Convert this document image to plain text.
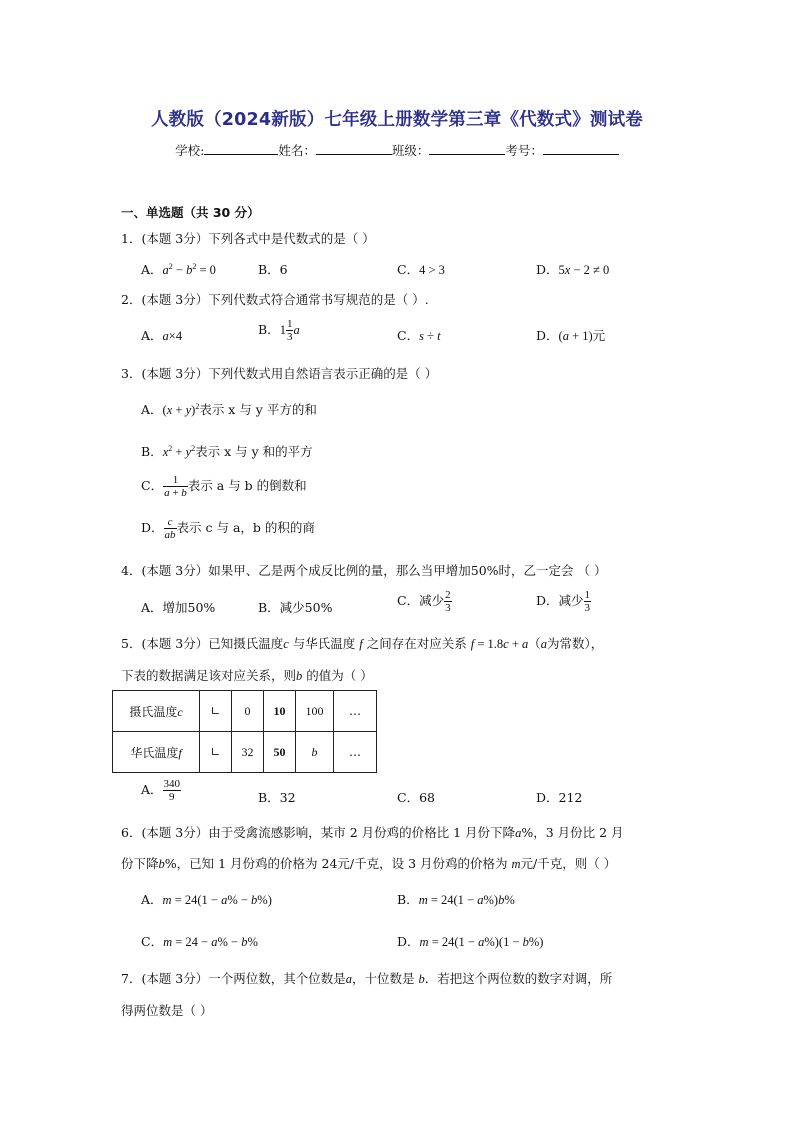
人教版（2024新版）七年级上册数学第三章《代数式》测试卷
学校:	姓名：	班级：	考号：
一、单选题（共 30 分）
1．(本题 3分）下列各式中是代数式的是（ ）
A．$a^2 - b^2 = 0$	B．6	C．4 > 3	D．5x − 2 ≠ 0
2．(本题 3分）下列代数式符合通常书写规范的是（ ）.
A．a×4	B．$1 \frac{1}{3}$ a	C．s ÷ t	D．(a + 1)元
3．(本题 3分）下列代数式用自然语言表示正确的是（ ）
A．$(x + y)^2$表示 x 与 y 平方的和
B．$x^2 + y^2$表示 x 与 y 和的平方
C． $\frac{1}{a + b}$ 表示 a 与 b 的倒数和
D． $\frac{c}{ab}$ 表示 c 与 a，b 的积的商
4．(本题 3分）如果甲、乙是两个成反比例的量，那么当甲增加50%时，乙一定会 （ ）
A．增加50%	B．减少50%	C．减少 $\frac{2}{3}$	D．减少 $\frac{1}{3}$
5．(本题 3分）已知摄氏温度c 与华氏温度 f 之间存在对应关系 f = 1.8c + a（a为常数），
下表的数据满足该对应关系，则b 的值为（ ）
摄氏温度c	∟	0	10	100	…
华氏温度f	∟	32	50	b	…
A． $\frac{340}{9}$	B．32	C．68	D．212
6．(本题 3分）由于受禽流感影响，某市 2 月份鸡的价格比 1 月份下降a%，3 月份比 2 月
份下降b%，已知 1 月份鸡的价格为 24元/千克，设 3 月份鸡的价格为 m元/千克，则（ ）
A．m = 24(1 − a% − b%)	B．m = 24(1 − a%)b%
C．m = 24 − a% − b%	D．m = 24(1 − a%)(1 − b%)
7．(本题 3分）一个两位数，其个位数是a，十位数是 b．若把这个两位数的数字对调，所
得两位数是（ ）
